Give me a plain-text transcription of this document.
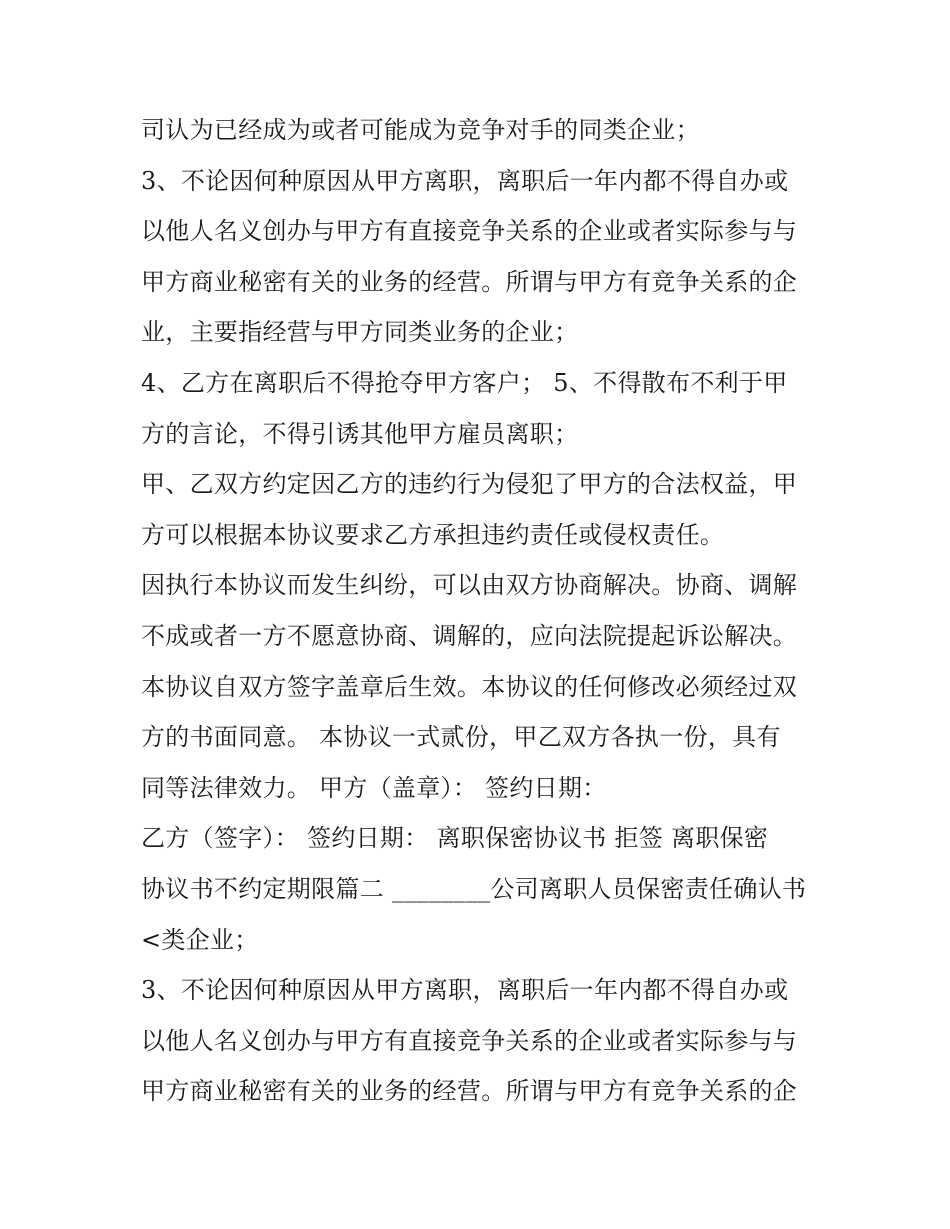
司认为已经成为或者可能成为竞争对手的同类企业；

3、不论因何种原因从甲方离职，离职后一年内都不得自办或

以他人名义创办与甲方有直接竞争关系的企业或者实际参与与

甲方商业秘密有关的业务的经营。所谓与甲方有竞争关系的企

业，主要指经营与甲方同类业务的企业；

4、乙方在离职后不得抢夺甲方客户； 5、不得散布不利于甲

方的言论，不得引诱其他甲方雇员离职；

甲、乙双方约定因乙方的违约行为侵犯了甲方的合法权益，甲

方可以根据本协议要求乙方承担违约责任或侵权责任。

因执行本协议而发生纠纷，可以由双方协商解决。协商、调解

不成或者一方不愿意协商、调解的，应向法院提起诉讼解决。

本协议自双方签字盖章后生效。本协议的任何修改必须经过双

方的书面同意。 本协议一式贰份，甲乙双方各执一份，具有

同等法律效力。 甲方（盖章）： 签约日期：

乙方（签字）： 签约日期： 离职保密协议书 拒签 离职保密

协议书不约定期限篇二 ________公司离职人员保密责任确认书

<类企业；

3、不论因何种原因从甲方离职，离职后一年内都不得自办或

以他人名义创办与甲方有直接竞争关系的企业或者实际参与与

甲方商业秘密有关的业务的经营。所谓与甲方有竞争关系的企
